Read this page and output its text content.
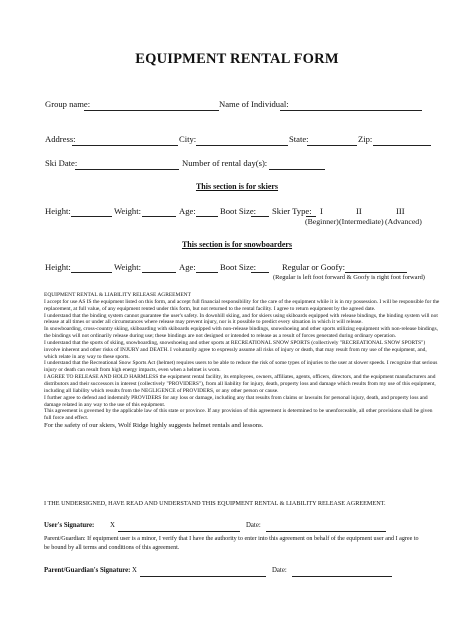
EQUIPMENT RENTAL FORM
Group name:	Name of Individual:
Address:	City:	State:	Zip:
Ski Date:	Number of rental day(s):
This section is for skiers
Height:	Weight:	Age:	Boot Size: Skier Type: I	II	III
(Beginner) (Intermediate) (Advanced)
This section is for snowboarders
Height:	Weight:	Age:	Boot Size:	Regular or Goofy:
(Regular is left foot forward & Goofy is right foot forward)

EQUIPMENT RENTAL & LIABILITY RELEASE AGREEMENT

I accept for use AS IS the equipment listed on this form, and accept full financial responsibility for the care of the equipment while it is in my possession. I will be responsible for the replacement, at full value, of any equipment rented under this form, but not returned to the rental facility. I agree to return equipment by the agreed date.

I understand that the binding system cannot guarantee the user's safety. In downhill skiing, and for skiers using skiboards equipped with release bindings, the binding system will not release at all times or under all circumstances where release may prevent injury, nor is it possible to predict every situation in which it will release.

In snowboarding, cross-country skiing, skiboarding with skiboards equipped with non-release bindings, snowshoeing and other sports utilizing equipment with non-release bindings, the bindings will not ordinarily release during use; these bindings are not designed or intended to release as a result of forces generated during ordinary operation.

I understand that the sports of skiing, snowboarding, snowshoeing and other sports at RECREATIONAL SNOW SPORTS (collectively "RECREATIONAL SNOW SPORTS") involve inherent and other risks of INJURY and DEATH. I voluntarily agree to expressly assume all risks of injury or death, that may result from my use of the equipment, and, which relate in any way to these sports.

I understand that the Recreational Snow Sports Act (helmet) requires users to be able to reduce the risk of some types of injuries to the user at slower speeds. I recognize that serious injury or death can result from high energy impacts, even when a helmet is worn.

I AGREE TO RELEASE AND HOLD HARMLESS the equipment rental facility, its employees, owners, affiliates, agents, officers, directors, and the equipment manufacturers and distributors and their successors in interest (collectively "PROVIDERS"), from all liability for injury, death, property loss and damage which results from my use of this equipment, including all liability which results from the NEGLIGENCE of PROVIDERS, or any other person or cause.

I further agree to defend and indemnify PROVIDERS for any loss or damage, including any that results from claims or lawsuits for personal injury, death, and property loss and damage related in any way to the use of this equipment.

This agreement is governed by the applicable law of this state or province. If any provision of this agreement is determined to be unenforceable, all other provisions shall be given full force and effect.

For the safety of our skiers, Wolf Ridge highly suggests helmet rentals and lessons.

I THE UNDERSIGNED, HAVE READ AND UNDERSTAND THIS EQUIPMENT RENTAL & LIABILITY RELEASE AGREEMENT.
User's Signature: X	Date:
Parent/Guardian: If equipment user is a minor, I verify that I have the authority to enter into this agreement on behalf of the equipment user and I agree to
be bound by all terms and conditions of this agreement.
Parent/Guardian's Signature: X	Date:
